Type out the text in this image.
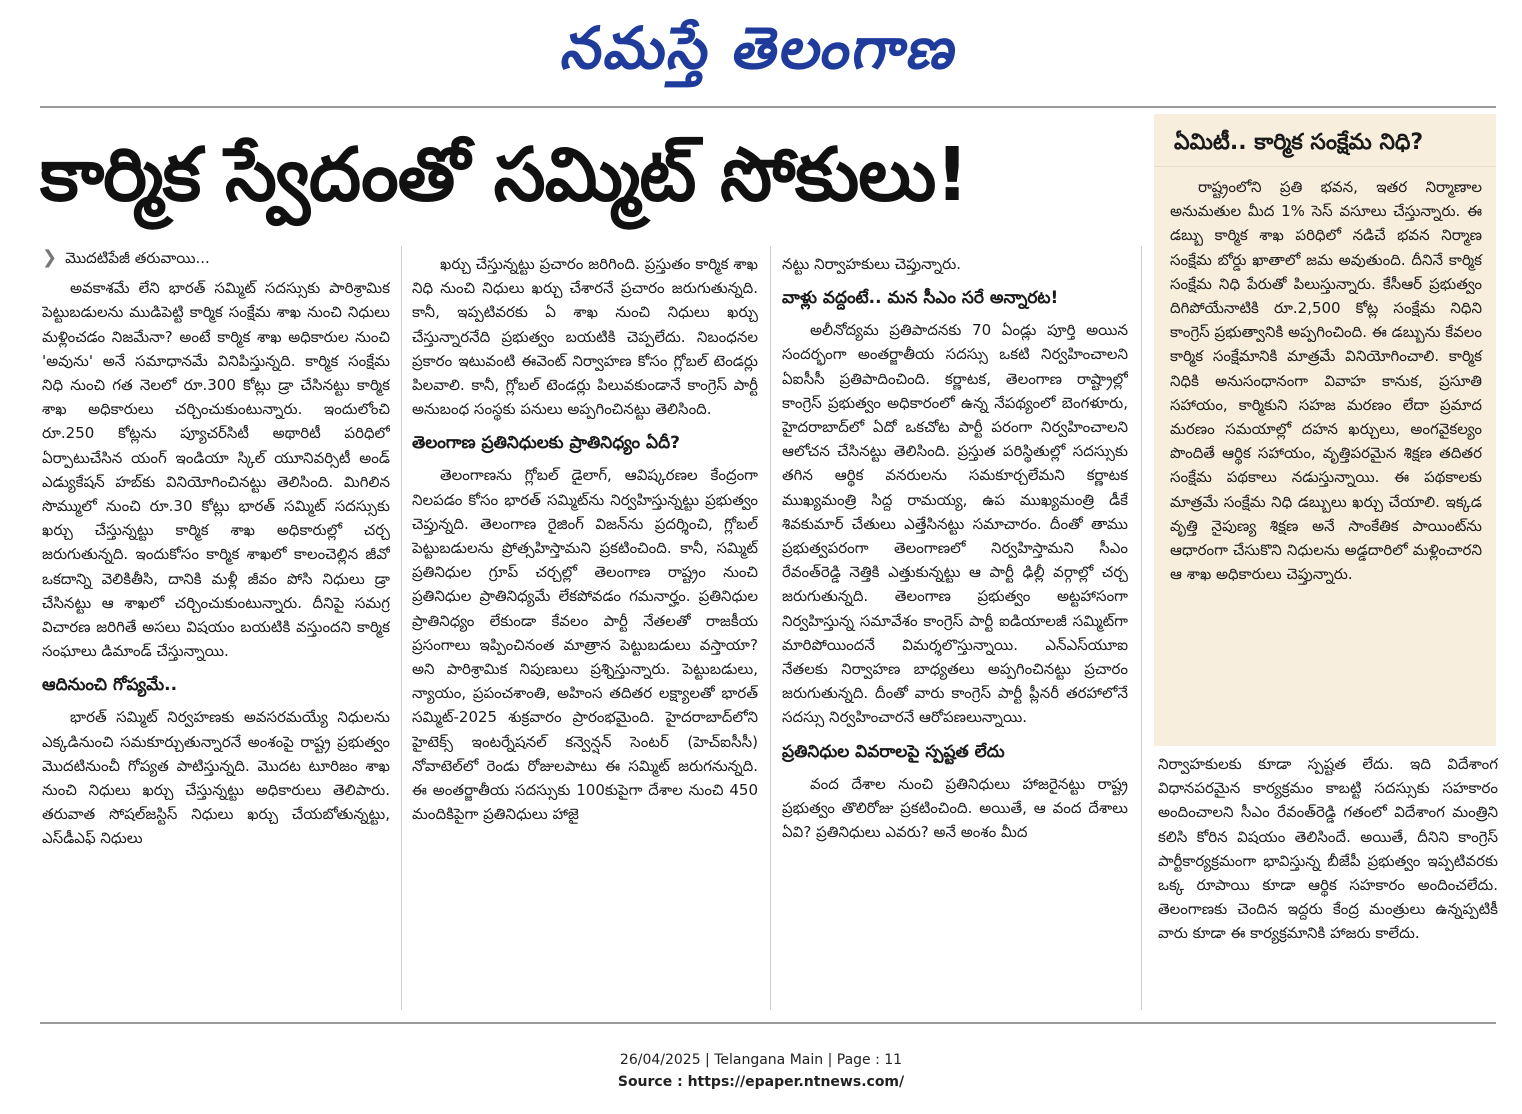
నమస్తే తెలంగాణ
కార్మిక స్వేదంతో సమ్మిట్ సోకులు!
❯ మొదటిపేజీ తరువాయి...

అవకాశమే లేని భారత్ సమ్మిట్ సదస్సుకు పారిశ్రామిక పెట్టుబడులను ముడిపెట్టి కార్మిక సంక్షేమ శాఖ నుంచి నిధులు మళ్లించడం నిజమేనా? అంటే కార్మిక శాఖ అధికారుల నుంచి 'అవును' అనే సమాధానమే వినిపిస్తున్నది. కార్మిక సంక్షేమ నిధి నుంచి గత నెలలో రూ.300 కోట్లు డ్రా చేసినట్టు కార్మిక శాఖ అధికారులు చర్చించుకుంటున్నారు. ఇందులోంచి రూ.250 కోట్లను ప్యూచర్‌సిటీ అథారిటీ పరిధిలో ఏర్పాటుచేసిన యంగ్ ఇండియా స్కిల్ యూనివర్సిటీ అండ్ ఎడ్యుకేషన్ హబ్‌కు వినియోగించినట్టు తెలిసింది. మిగిలిన సొమ్ములో నుంచి రూ.30 కోట్లు భారత్ సమ్మిట్ సదస్సుకు ఖర్చు చేస్తున్నట్టు కార్మిక శాఖ అధికారుల్లో చర్చ జరుగుతున్నది. ఇందుకోసం కార్మిక శాఖలో కాలంచెల్లిన జీవో ఒకదాన్ని వెలికితీసి, దానికి మళ్లీ జీవం పోసి నిధులు డ్రా చేసినట్టు ఆ శాఖలో చర్చించుకుంటున్నారు. దీనిపై సమగ్ర విచారణ జరిగితే అసలు విషయం బయటికి వస్తుందని కార్మిక సంఘాలు డిమాండ్ చేస్తున్నాయి.

ఆదినుంచి గోప్యమే..

భారత్ సమ్మిట్ నిర్వహణకు అవసరమయ్యే నిధులను ఎక్కడినుంచి సమకూర్చుతున్నారనే అంశంపై రాష్ట్ర ప్రభుత్వం మొదటినుంచీ గోప్యత పాటిస్తున్నది. మొదట టూరిజం శాఖ నుంచి నిధులు ఖర్చు చేస్తున్నట్టు అధికారులు తెలిపారు. తరువాత సోషల్‌జస్టిస్ నిధులు ఖర్చు చేయబోతున్నట్టు, ఎస్‌డీఎఫ్ నిధులు

ఖర్చు చేస్తున్నట్టు ప్రచారం జరిగింది. ప్రస్తుతం కార్మిక శాఖ నిధి నుంచి నిధులు ఖర్చు చేశారనే ప్రచారం జరుగుతున్నది. కానీ, ఇప్పటివరకు ఏ శాఖ నుంచి నిధులు ఖర్చు చేస్తున్నారనేది ప్రభుత్వం బయటికి చెప్పలేదు. నిబంధనల ప్రకారం ఇటువంటి ఈవెంట్ నిర్వాహణ కోసం గ్లోబల్ టెండర్లు పిలవాలి. కానీ, గ్లోబల్ టెండర్లు పిలువకుండానే కాంగ్రెస్ పార్టీ అనుబంధ సంస్థకు పనులు అప్పగించినట్టు తెలిసింది.

తెలంగాణ ప్రతినిధులకు ప్రాతినిధ్యం ఏదీ?

తెలంగాణను గ్లోబల్ డైలాగ్, ఆవిష్కరణల కేంద్రంగా నిలపడం కోసం భారత్ సమ్మిట్‌ను నిర్వహిస్తున్నట్టు ప్రభుత్వం చెప్తున్నది. తెలంగాణ రైజింగ్ విజన్‌ను ప్రదర్శించి, గ్లోబల్ పెట్టుబడులను ప్రోత్సహిస్తామని ప్రకటించింది. కానీ, సమ్మిట్ ప్రతినిధుల గ్రూప్ చర్చల్లో తెలంగాణ రాష్ట్రం నుంచి ప్రతినిధుల ప్రాతినిధ్యమే లేకపోవడం గమనార్హం. ప్రతినిధుల ప్రాతినిధ్యం లేకుండా కేవలం పార్టీ నేతలతో రాజకీయ ప్రసంగాలు ఇప్పించినంత మాత్రాన పెట్టుబడులు వస్తాయా? అని పారిశ్రామిక నిపుణులు ప్రశ్నిస్తున్నారు. పెట్టుబడులు, న్యాయం, ప్రపంచశాంతి, అహింస తదితర లక్ష్యాలతో భారత్ సమ్మిట్-2025 శుక్రవారం ప్రారంభమైంది. హైదరాబాద్‌లోని హైటెక్స్ ఇంటర్నేషనల్ కన్వెన్షన్ సెంటర్ (హెచ్ఐసీసీ) నోవాటెల్‌లో రెండు రోజులపాటు ఈ సమ్మిట్ జరుగనున్నది. ఈ అంతర్జాతీయ సదస్సుకు 100కుపైగా దేశాల నుంచి 450 మందికిపైగా ప్రతినిధులు హాజై

నట్టు నిర్వాహకులు చెప్తున్నారు.

వాళ్లు వద్దంటే.. మన సీఎం సరే అన్నారట!

అలీనోద్యమ ప్రతిపాదనకు 70 ఏండ్లు పూర్తి అయిన సందర్భంగా అంతర్జాతీయ సదస్సు ఒకటి నిర్వహించాలని ఏఐసీసీ ప్రతిపాదించింది. కర్ణాటక, తెలంగాణ రాష్ట్రాల్లో కాంగ్రెస్ ప్రభుత్వం అధికారంలో ఉన్న నేపథ్యంలో బెంగళూరు, హైదరాబాద్‌లో ఏదో ఒకచోట పార్టీ పరంగా నిర్వహించాలని ఆలోచన చేసినట్టు తెలిసింది. ప్రస్తుత పరిస్థితుల్లో సదస్సుకు తగిన ఆర్థిక వనరులను సమకూర్చలేమని కర్ణాటక ముఖ్యమంత్రి సిద్ద రామయ్య, ఉప ముఖ్యమంత్రి డీకే శివకుమార్ చేతులు ఎత్తేసినట్టు సమాచారం. దీంతో తాము ప్రభుత్వపరంగా తెలంగాణలో నిర్వహిస్తామని సీఎం రేవంత్‌రెడ్డి నెత్తికి ఎత్తుకున్నట్టు ఆ పార్టీ ఢిల్లీ వర్గాల్లో చర్చ జరుగుతున్నది. తెలంగాణ ప్రభుత్వం అట్టహాసంగా నిర్వహిస్తున్న సమావేశం కాంగ్రెస్ పార్టీ ఐడియాలజీ సమ్మిట్‌గా మారిపోయిందనే విమర్శలొస్తున్నాయి. ఎన్ఎస్‌యూఐ నేతలకు నిర్వాహణ బాధ్యతలు అప్పగించినట్టు ప్రచారం జరుగుతున్నది. దీంతో వారు కాంగ్రెస్ పార్టీ ప్లీనరీ తరహాలోనే సదస్సు నిర్వహించారనే ఆరోపణలున్నాయి.

ప్రతినిధుల వివరాలపై స్పష్టత లేదు

వంద దేశాల నుంచి ప్రతినిధులు హాజరైనట్టు రాష్ట్ర ప్రభుత్వం తొలిరోజు ప్రకటించింది. అయితే, ఆ వంద దేశాలు ఏవి? ప్రతినిధులు ఎవరు? అనే అంశం మీద

ఏమిటీ.. కార్మిక సంక్షేమ నిధి?

రాష్ట్రంలోని ప్రతి భవన, ఇతర నిర్మాణాల అనుమతుల మీద 1% సెస్ వసూలు చేస్తున్నారు. ఈ డబ్బు కార్మిక శాఖ పరిధిలో నడిచే భవన నిర్మాణ సంక్షేమ బోర్డు ఖాతాలో జమ అవుతుంది. దీనినే కార్మిక సంక్షేమ నిధి పేరుతో పిలుస్తున్నారు. కేసీఆర్ ప్రభుత్వం దిగిపోయేనాటికి రూ.2,500 కోట్ల సంక్షేమ నిధిని కాంగ్రెస్ ప్రభుత్వానికి అప్పగించింది. ఈ డబ్బును కేవలం కార్మిక సంక్షేమానికి మాత్రమే వినియోగించాలి. కార్మిక నిధికి అనుసంధానంగా వివాహ కానుక, ప్రసూతి సహాయం, కార్మికుని సహజ మరణం లేదా ప్రమాద మరణం సమయాల్లో దహన ఖర్చులు, అంగవైకల్యం పొందితే ఆర్థిక సహాయం, వృత్తిపరమైన శిక్షణ తదితర సంక్షేమ పథకాలు నడుస్తున్నాయి. ఈ పథకాలకు మాత్రమే సంక్షేమ నిధి డబ్బులు ఖర్చు చేయాలి. ఇక్కడ వృత్తి నైపుణ్య శిక్షణ అనే సాంకేతిక పాయింట్‌ను ఆధారంగా చేసుకొని నిధులను అడ్డదారిలో మళ్లించారని ఆ శాఖ అధికారులు చెప్తున్నారు.

నిర్వాహకులకు కూడా స్పష్టత లేదు. ఇది విదేశాంగ విధానపరమైన కార్యక్రమం కాబట్టి సదస్సుకు సహకారం అందించాలని సీఎం రేవంత్‌రెడ్డి గతంలో విదేశాంగ మంత్రిని కలిసి కోరిన విషయం తెలిసిందే. అయితే, దీనిని కాంగ్రెస్ పార్టీకార్యక్రమంగా భావిస్తున్న బీజేపీ ప్రభుత్వం ఇప్పటివరకు ఒక్క రూపాయి కూడా ఆర్థిక సహకారం అందించలేదు. తెలంగాణకు చెందిన ఇద్దరు కేంద్ర మంత్రులు ఉన్నప్పటికీ వారు కూడా ఈ కార్యక్రమానికి హాజరు కాలేదు.

26/04/2025 | Telangana Main | Page : 11
Source : https://epaper.ntnews.com/
